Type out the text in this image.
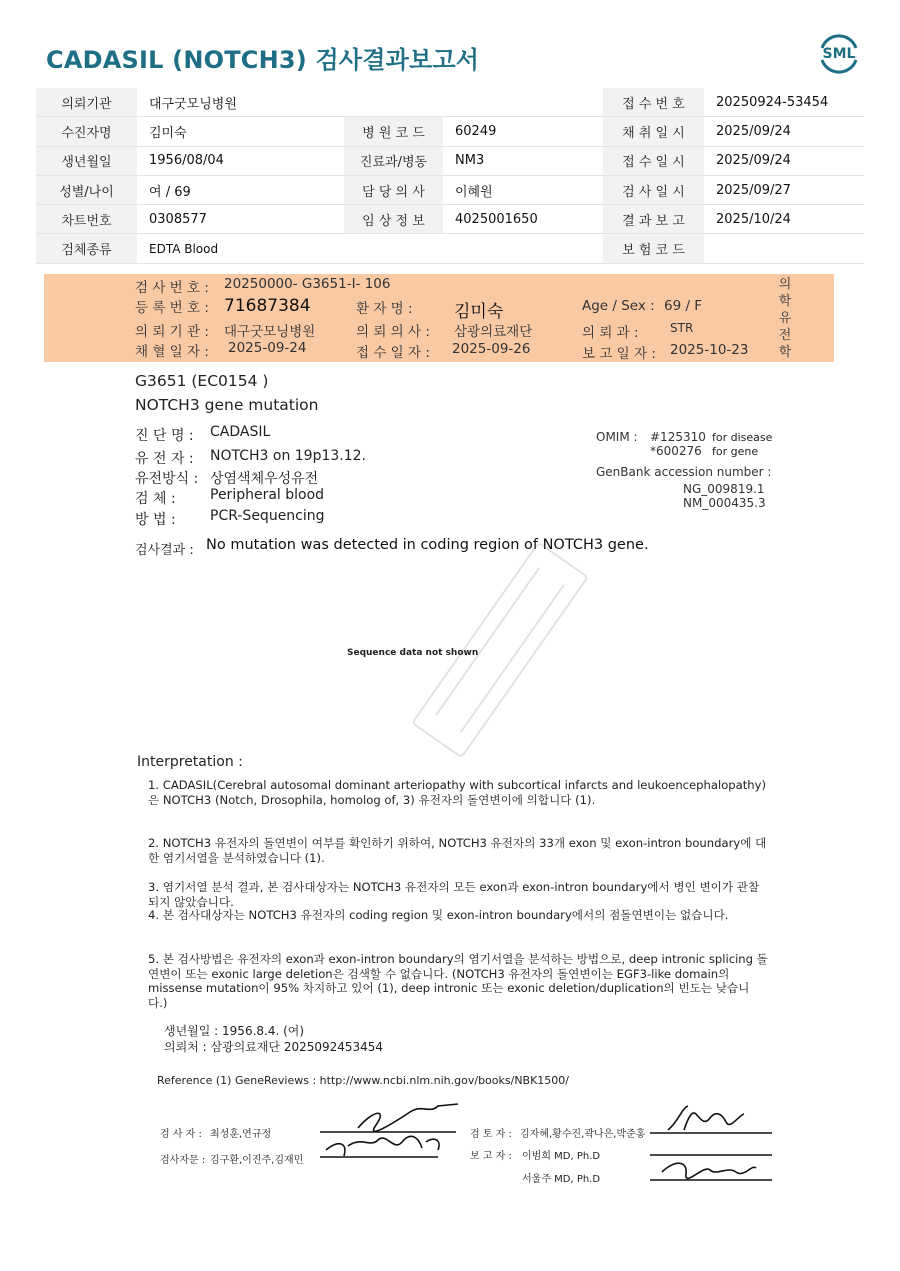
CADASIL (NOTCH3) 검사결과보고서	SML
의뢰기관	대구굿모닝병원			접 수 번 호	20250924-53454
수진자명	김미숙	병 원 코 드	60249	채 취 일 시	2025/09/24
생년월일	1956/08/04	진료과/병동	NM3	접 수 일 시	2025/09/24
성별/나이	여 / 69	담 당 의 사	이혜원	검 사 일 시	2025/09/27
차트번호	0308577	임 상 정 보	4025001650	결 과 보 고	2025/10/24
검체종류	EDTA Blood			보 험 코 드	
검 사 번 호 : 20250000- G3651-I- 106
등 록 번 호 : 71687384	환 자 명 : 김미숙	Age / Sex : 69 / F
의 뢰 기 관 : 대구굿모닝병원	의 뢰 의 사 : 삼광의료재단	의 뢰 과 :	STR
채 혈 일 자 : 2025-09-24	접 수 일 자 : 2025-09-26	보 고 일 자 : 2025-10-23
의
학
유
전
학
G3651 (EC0154 )
NOTCH3 gene mutation
진 단 명 : CADASIL
유 전 자 : NOTCH3 on 19p13.12.
유전방식 : 상염색체우성유전
검 체 : Peripheral blood
방 법 : PCR-Sequencing
OMIM : #125310 for disease
*600276 for gene
GenBank accession number :
NG_009819.1
NM_000435.3
검사결과 : No mutation was detected in coding region of NOTCH3 gene.
Sequence data not shown
Interpretation :
1. CADASIL(Cerebral autosomal dominant arteriopathy with subcortical infarcts and leukoencephalopathy)은 NOTCH3 (Notch, Drosophila, homolog of, 3) 유전자의 돌연변이에 의합니다 (1).
2. NOTCH3 유전자의 돌연변이 여부를 확인하기 위하여, NOTCH3 유전자의 33개 exon 및 exon-intron boundary에 대한 염기서열을 분석하였습니다 (1).
3. 염기서열 분석 결과, 본 검사대상자는 NOTCH3 유전자의 모든 exon과 exon-intron boundary에서 병인 변이가 관찰되지 않았습니다.
4. 본 검사대상자는 NOTCH3 유전자의 coding region 및 exon-intron boundary에서의 점돌연변이는 없습니다.
5. 본 검사방법은 유전자의 exon과 exon-intron boundary의 염기서열을 분석하는 방법으로, deep intronic splicing 돌연변이 또는 exonic large deletion은 검색할 수 없습니다. (NOTCH3 유전자의 돌연변이는 EGF3-like domain의 missense mutation이 95% 차지하고 있어 (1), deep intronic 또는 exonic deletion/duplication의 빈도는 낮습니다.)
생년월일 : 1956.8.4. (여)
의뢰처 : 삼광의료재단 2025092453454
Reference (1) GeneReviews : http://www.ncbi.nlm.nih.gov/books/NBK1500/
검 사 자 : 최성훈,연규정
검사자문 : 김구환,이진주,김재민
검 토 자 : 김자혜,황수진,곽나은,박준홍
보 고 자 : 이범희 MD, Ph.D
서울주 MD, Ph.D
